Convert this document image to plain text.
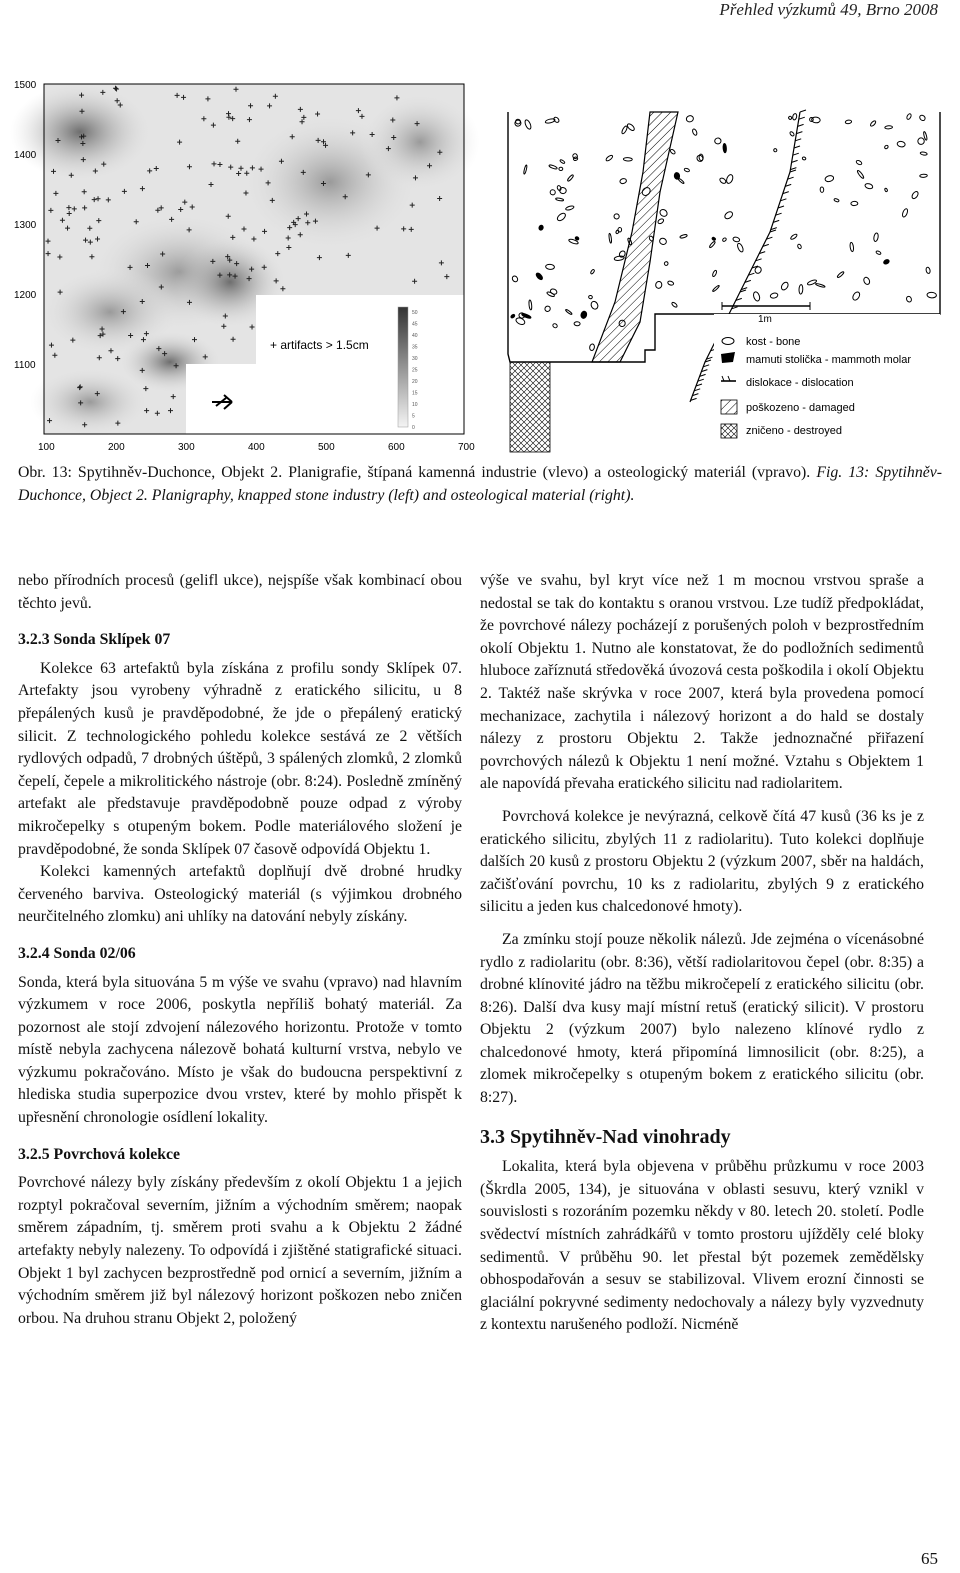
Přehled výzkumů 49, Brno 2008
+ artifacts > 1.5cm
50
45
40
35
30
25
20
15
10
5
0
1500
1400
1300
1200
1100
100	200	300	400	500	600	700
1m
kost - bone
mamuti stolička - mammoth molar
dislokace - dislocation
poškozeno - damaged
zničeno - destroyed
Obr. 13: Spytihněv-Duchonce, Objekt 2. Planigrafie, štípaná kamenná industrie (vlevo) a osteologický materiál (vpravo). Fig. 13: Spytihněv-Duchonce, Object 2. Planigraphy, knapped stone industry (left) and osteological material (right).

nebo přírodních procesů (gelifl ukce), nejspíše však kombinací obou těchto jevů.

3.2.3 Sonda Sklípek 07

Kolekce 63 artefaktů byla získána z profilu sondy Sklípek 07. Artefakty jsou vyrobeny výhradně z eratického silicitu, u 8 přepálených kusů je pravděpodobné, že jde o přepálený eratický silicit. Z technologického pohledu kolekce sestává ze 2 větších rydlových odpadů, 7 drobných úštěpů, 3 spálených zlomků, 2 zlomků čepelí, čepele a mikrolitického nástroje (obr. 8:24). Posledně zmíněný artefakt ale představuje pravděpodobně pouze odpad z výroby mikročepelky s otupeným bokem. Podle materiálového složení je pravděpodobné, že sonda Sklípek 07 časově odpovídá Objektu 1.

Kolekci kamenných artefaktů doplňují dvě drobné hrudky červeného barviva. Osteologický materiál (s výjimkou drobného neurčitelného zlomku) ani uhlíky na datování nebyly získány.

3.2.4 Sonda 02/06

Sonda, která byla situována 5 m výše ve svahu (vpravo) nad hlavním výzkumem v roce 2006, poskytla nepříliš bohatý materiál. Za pozornost ale stojí zdvojení nálezového horizontu. Protože v tomto místě nebyla zachycena nálezově bohatá kulturní vrstva, nebylo ve výzkumu pokračováno. Místo je však do budoucna perspektivní z hlediska studia superpozice dvou vrstev, které by mohlo přispět k upřesnění chronologie osídlení lokality.

3.2.5 Povrchová kolekce

Povrchové nálezy byly získány především z okolí Objektu 1 a jejich rozptyl pokračoval severním, jižním a východním směrem; naopak směrem západním, tj. směrem proti svahu a k Objektu 2 žádné artefakty nebyly nalezeny. To odpovídá i zjištěné statigrafické situaci. Objekt 1 byl zachycen bezprostředně pod ornicí a severním, jižním a východním směrem již byl nálezový horizont poškozen nebo zničen orbou. Na druhou stranu Objekt 2, položený

výše ve svahu, byl kryt více než 1 m mocnou vrstvou spraše a nedostal se tak do kontaktu s oranou vrstvou. Lze tudíž předpokládat, že povrchové nálezy pocházejí z porušených poloh v bezprostředním okolí Objektu 1. Nutno ale konstatovat, že do podložních sedimentů hluboce zaříznutá středověká úvozová cesta poškodila i okolí Objektu 2. Taktéž naše skrývka v roce 2007, která byla provedena pomocí mechanizace, zachytila i nálezový horizont a do hald se dostaly nálezy z prostoru Objektu 2. Takže jednoznačné přiřazení povrchových nálezů k Objektu 1 není možné. Vztahu s Objektem 1 ale napovídá převaha eratického silicitu nad radiolaritem.

Povrchová kolekce je nevýrazná, celkově čítá 47 kusů (36 ks je z eratického silicitu, zbylých 11 z radiolaritu). Tuto kolekci doplňuje dalších 20 kusů z prostoru Objektu 2 (výzkum 2007, sběr na haldách, začišťování povrchu, 10 ks z radiolaritu, zbylých 9 z eratického silicitu a jeden kus chalcedonové hmoty).

Za zmínku stojí pouze několik nálezů. Jde zejména o vícenásobné rydlo z radiolaritu (obr. 8:36), větší radiolaritovou čepel (obr. 8:35) a drobné klínovité jádro na těžbu mikročepelí z eratického silicitu (obr. 8:26). Další dva kusy mají místní retuš (eratický silicit). V prostoru Objektu 2 (výzkum 2007) bylo nalezeno klínové rydlo z chalcedonové hmoty, která připomíná limnosilicit (obr. 8:25), a zlomek mikročepelky s otupeným bokem z eratického silicitu (obr. 8:27).

3.3 Spytihněv-Nad vinohrady

Lokalita, která byla objevena v průběhu průzkumu v roce 2003 (Škrdla 2005, 134), je situována v oblasti sesuvu, který vznikl v souvislosti s rozoráním pozemku někdy v 80. letech 20. století. Podle svědectví místních zahrádkářů v tomto prostoru ujížděly celé bloky sedimentů. V průběhu 90. let přestal být pozemek zemědělsky obhospodařován a sesuv se stabilizoval. Vlivem erozní činnosti se glaciální pokryvné sedimenty nedochovaly a nálezy byly vyzvednuty z kontextu narušeného podloží. Nicméně

65
